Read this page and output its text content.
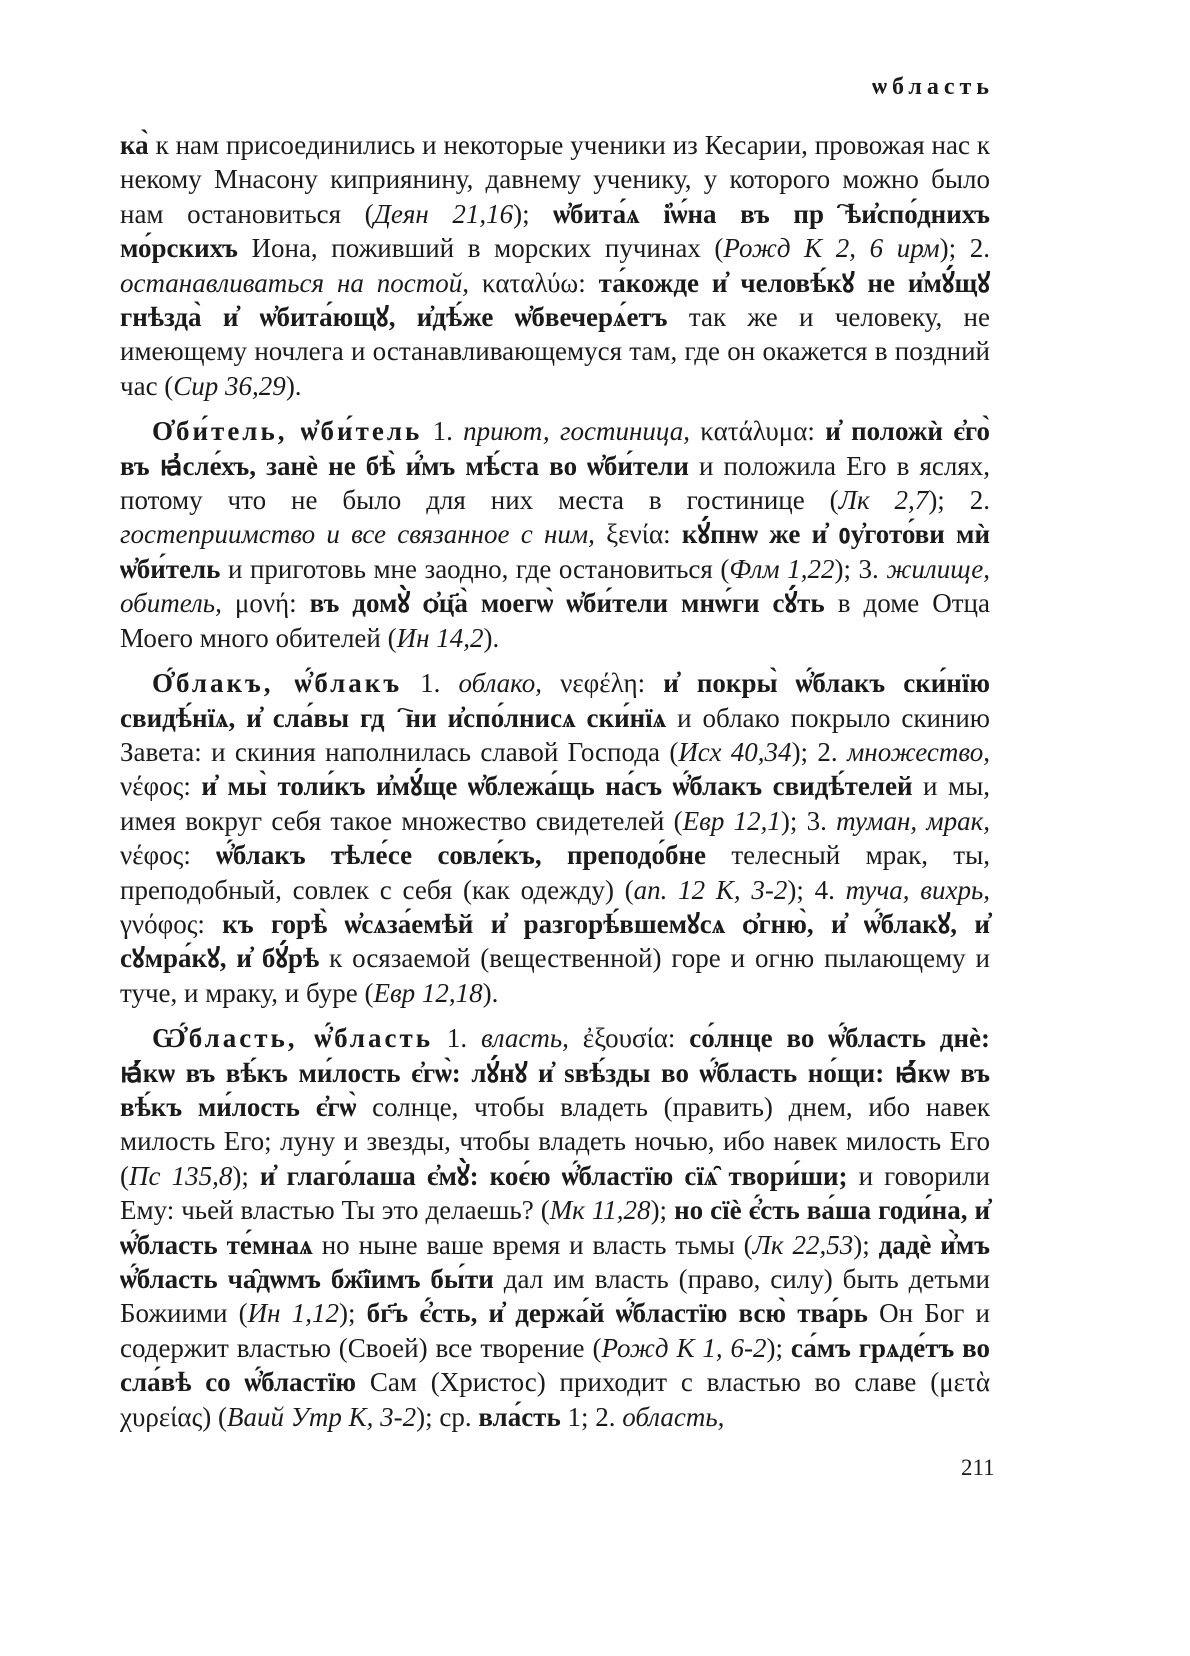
ѡбласть

ка̀ к нам присоединились и некоторые ученики из Кесарии, провожая нас к некому Мнасону киприянину, давнему ученику, у которого можно было нам остановиться (Деян 21,16); ѡ҆бита́ѧ і҆ѡ́на въ прⷭ҇ѣи҆спо́днихъ мо́рскихъ Иона, поживший в морских пучинах (Рожд К 2, 6 ирм); 2. останавливаться на постой, καταλύω: та́кожде и҆ человѣ́кꙋ не и҆мꙋ́щꙋ гнѣзда̀ и҆ ѡ҆бита́ющꙋ, и҆дѣ́же ѡ҆бвечерѧ́етъ так же и человеку, не имеющему ночлега и останавливающемуся там, где он окажется в поздний час (Сир 36,29).

О҆би́тель, ѡ҆би́тель 1. приют, гостиница, κατάλυμα: и҆ положѝ є҆го̀ въ ꙗ҆сле́хъ, занѐ не бѣ̀ и҆́мъ мѣ́ста во ѡ҆би́тели и положила Его в яслях, потому что не было для них места в гостинице (Лк 2,7); 2. гостеприимство и все связанное с ним, ξενία: кꙋ́пнѡ же и҆ ᲂу҆гото́ви мѝ ѡ҆би́тель и приготовь мне заодно, где остановиться (Флм 1,22); 3. жилище, обитель, μονή: въ домꙋ̀ ѻ҆ц҃а̀ моегѡ̀ ѡ҆би́тели мнѡ́ги сꙋ́ть в доме Отца Моего много обителей (Ин 14,2).

О҆́блакъ, ѡ҆́блакъ 1. облако, νεφέλη: и҆ покры̀ ѡ҆́блакъ ски́нїю свидѣ́нїѧ, и҆ сла́вы гдⷭ҇ни и҆спо́лнисѧ ски́нїѧ и облако покрыло скинию Завета: и скиния наполнилась славой Господа (Исх 40,34); 2. множество, νέφος: и҆ мы̀ толи́къ и҆мꙋ́ще ѡ҆блежа́щь на́съ ѡ҆́блакъ свидѣ́телей и мы, имея вокруг себя такое множество свидетелей (Евр 12,1); 3. туман, мрак, νέφος: ѡ҆́блакъ тѣле́се совле́къ, преподо́бне телесный мрак, ты, преподобный, совлек с себя (как одежду) (ап. 12 К, 3-2); 4. туча, вихрь, γνόφος: къ горѣ̀ ѡ҆сѧза́емѣй и҆ разгорѣ́вшемꙋсѧ ѻ҆гню̀, и҆ ѡ҆́блакꙋ, и҆ сꙋмра́кꙋ, и҆ бꙋ́рѣ к осязаемой (вещественной) горе и огню пылающему и туче, и мраку, и буре (Евр 12,18).

Ѡ҆́бласть, ѡ҆́бласть 1. власть, ἐξουσία: со́лнце во ѡ҆́бласть днѐ: ꙗ҆́кѡ въ вѣ́къ ми́лость є҆гѡ̀: лꙋ́нꙋ и҆ ѕвѣ́зды во ѡ҆́бласть но́щи: ꙗ҆́кѡ въ вѣ́къ ми́лость є҆гѡ̀ солнце, чтобы владеть (править) днем, ибо навек милость Его; луну и звезды, чтобы владеть ночью, ибо навек милость Его (Пс 135,8); и҆ глаго́лаша є҆мꙋ̀: коє́ю ѡ҆́бластїю сїѧ̑ твори́ши; и говорили Ему: чьей властью Ты это делаешь? (Мк 11,28); но сїѐ є҆́сть ва́ша годи́на, и҆ ѡ҆́бласть те́мнаѧ но ныне ваше время и власть тьмы (Лк 22,53); дадѐ и҆̀мъ ѡ҆́бласть ча̑дѡмъ бж҃їимъ бы́ти дал им власть (право, силу) быть детьми Божиими (Ин 1,12); бг҃ъ є҆́сть, и҆ держа́й ѡ҆́бластїю всю̀ тва́рь Он Бог и содержит властью (Своей) все творение (Рожд К 1, 6-2); са́мъ грѧде́тъ во сла́вѣ со ѡ҆́бластїю Сам (Христос) приходит с властью во славе (μετὰ χυρείας) (Ваий Утр К, 3-2); ср. вла́сть 1; 2. область,

211
